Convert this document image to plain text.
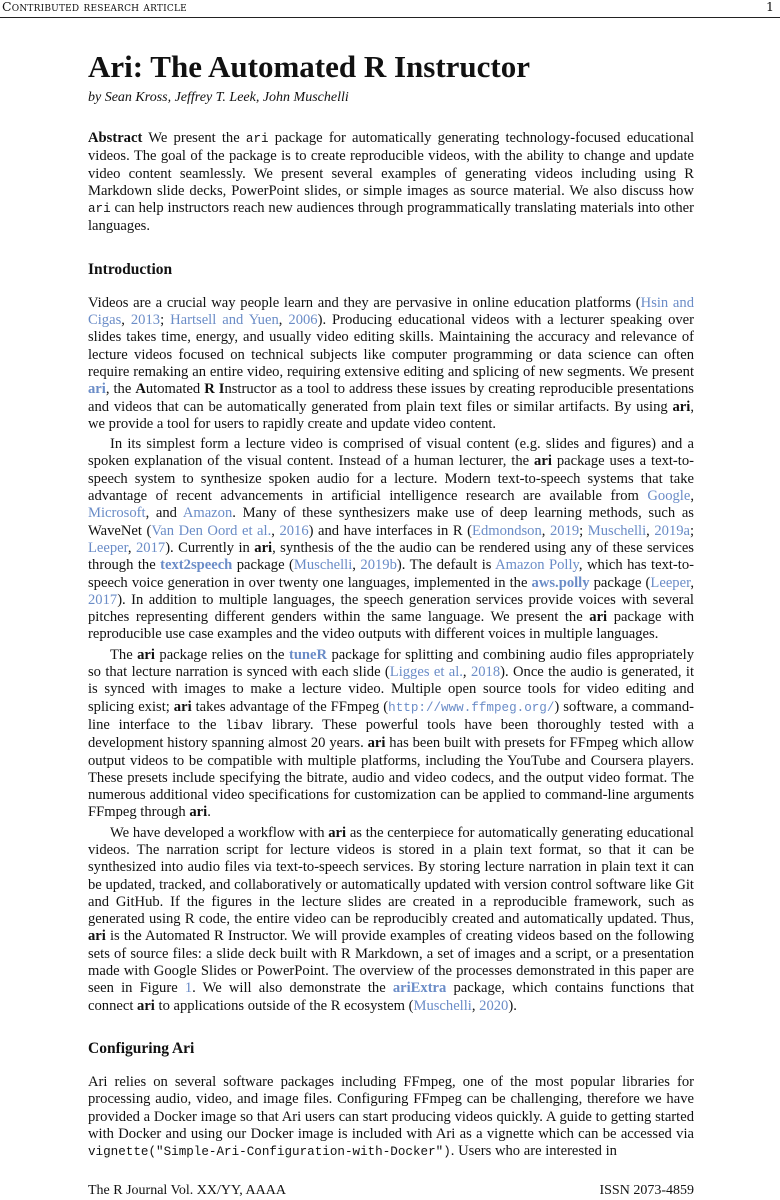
Contributed research article	1
Ari: The Automated R Instructor

by Sean Kross, Jeffrey T. Leek, John Muschelli

Abstract We present the ari package for automatically generating technology-focused educational videos. The goal of the package is to create reproducible videos, with the ability to change and update video content seamlessly. We present several examples of generating videos including using R Markdown slide decks, PowerPoint slides, or simple images as source material. We also discuss how ari can help instructors reach new audiences through programmatically translating materials into other languages.

Introduction

Videos are a crucial way people learn and they are pervasive in online education platforms (Hsin and Cigas, 2013; Hartsell and Yuen, 2006). Producing educational videos with a lecturer speaking over slides takes time, energy, and usually video editing skills. Maintaining the accuracy and relevance of lecture videos focused on technical subjects like computer programming or data science can often require remaking an entire video, requiring extensive editing and splicing of new segments. We present ari, the Automated R Instructor as a tool to address these issues by creating reproducible presentations and videos that can be automatically generated from plain text files or similar artifacts. By using ari, we provide a tool for users to rapidly create and update video content.

In its simplest form a lecture video is comprised of visual content (e.g. slides and figures) and a spoken explanation of the visual content. Instead of a human lecturer, the ari package uses a text-to-speech system to synthesize spoken audio for a lecture. Modern text-to-speech systems that take advantage of recent advancements in artificial intelligence research are available from Google, Microsoft, and Amazon. Many of these synthesizers make use of deep learning methods, such as WaveNet (Van Den Oord et al., 2016) and have interfaces in R (Edmondson, 2019; Muschelli, 2019a; Leeper, 2017). Currently in ari, synthesis of the the audio can be rendered using any of these services through the text2speech package (Muschelli, 2019b). The default is Amazon Polly, which has text-to-speech voice generation in over twenty one languages, implemented in the aws.polly package (Leeper, 2017). In addition to multiple languages, the speech generation services provide voices with several pitches representing different genders within the same language. We present the ari package with reproducible use case examples and the video outputs with different voices in multiple languages.

The ari package relies on the tuneR package for splitting and combining audio files appropriately so that lecture narration is synced with each slide (Ligges et al., 2018). Once the audio is generated, it is synced with images to make a lecture video. Multiple open source tools for video editing and splicing exist; ari takes advantage of the FFmpeg (http://www.ffmpeg.org/) software, a command-line interface to the libav library. These powerful tools have been thoroughly tested with a development history spanning almost 20 years. ari has been built with presets for FFmpeg which allow output videos to be compatible with multiple platforms, including the YouTube and Coursera players. These presets include specifying the bitrate, audio and video codecs, and the output video format. The numerous additional video specifications for customization can be applied to command-line arguments FFmpeg through ari.

We have developed a workflow with ari as the centerpiece for automatically generating educational videos. The narration script for lecture videos is stored in a plain text format, so that it can be synthesized into audio files via text-to-speech services. By storing lecture narration in plain text it can be updated, tracked, and collaboratively or automatically updated with version control software like Git and GitHub. If the figures in the lecture slides are created in a reproducible framework, such as generated using R code, the entire video can be reproducibly created and automatically updated. Thus, ari is the Automated R Instructor. We will provide examples of creating videos based on the following sets of source files: a slide deck built with R Markdown, a set of images and a script, or a presentation made with Google Slides or PowerPoint. The overview of the processes demonstrated in this paper are seen in Figure 1. We will also demonstrate the ariExtra package, which contains functions that connect ari to applications outside of the R ecosystem (Muschelli, 2020).

Configuring Ari

Ari relies on several software packages including FFmpeg, one of the most popular libraries for processing audio, video, and image files. Configuring FFmpeg can be challenging, therefore we have provided a Docker image so that Ari users can start producing videos quickly. A guide to getting started with Docker and using our Docker image is included with Ari as a vignette which can be accessed via vignette("Simple-Ari-Configuration-with-Docker"). Users who are interested in

The R Journal Vol. XX/YY, AAAA	ISSN 2073-4859
